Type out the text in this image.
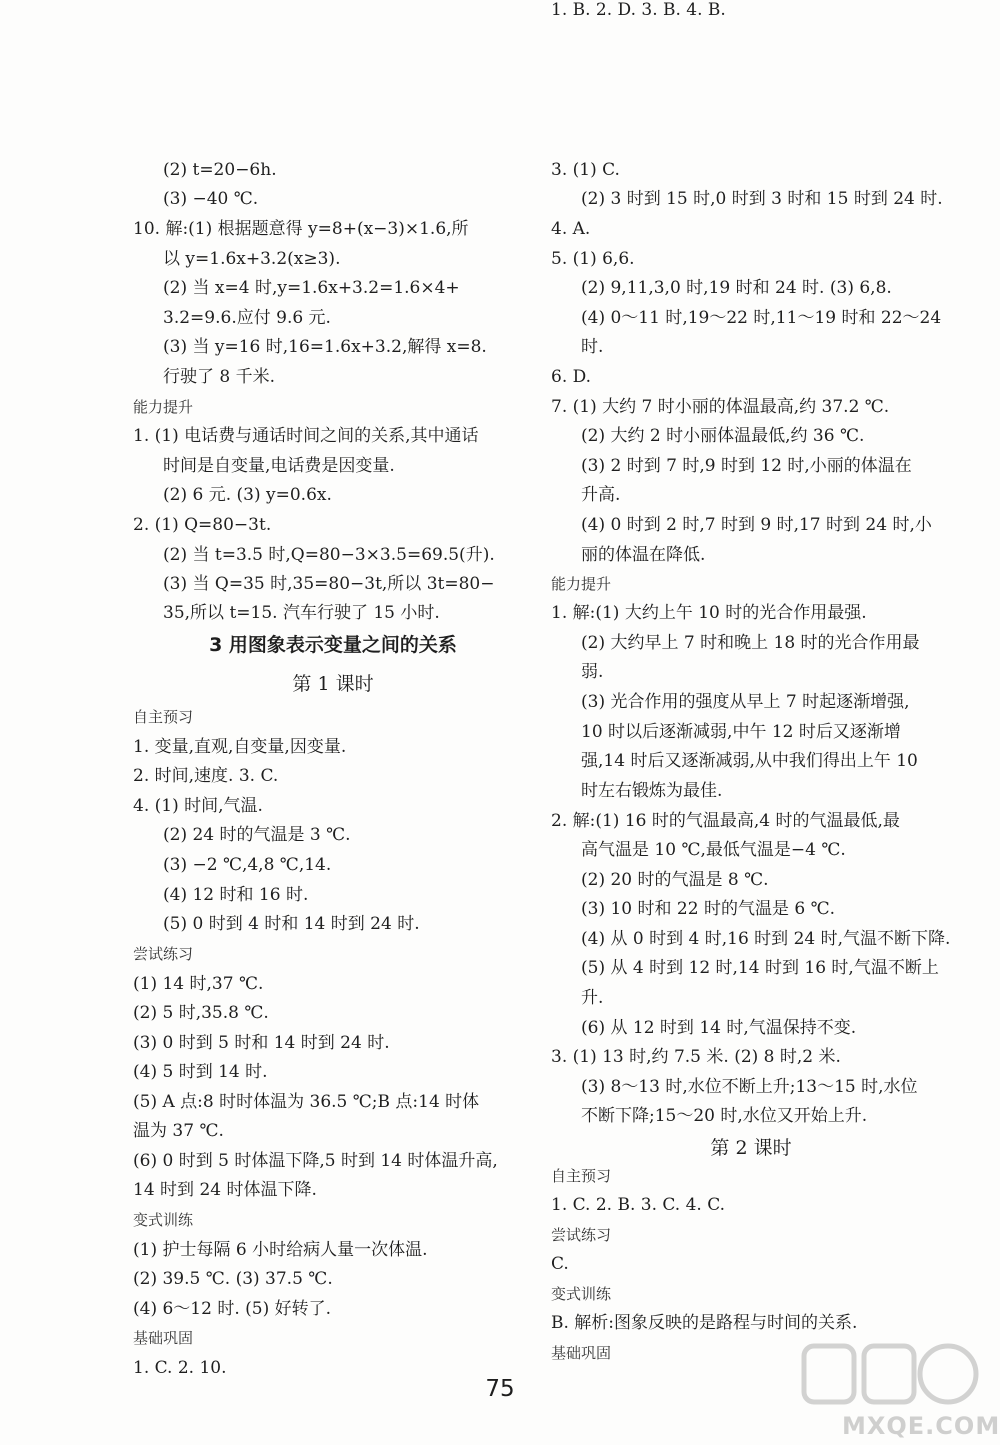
(2) t=20−6h.
(3) −40 ℃.
10. 解:(1) 根据题意得 y=8+(x−3)×1.6,所
以 y=1.6x+3.2(x≥3).
(2) 当 x=4 时,y=1.6x+3.2=1.6×4+
3.2=9.6.应付 9.6 元.
(3) 当 y=16 时,16=1.6x+3.2,解得 x=8.
行驶了 8 千米.
能力提升
1. (1) 电话费与通话时间之间的关系,其中通话
时间是自变量,电话费是因变量.
(2) 6 元. (3) y=0.6x.
2. (1) Q=80−3t.
(2) 当 t=3.5 时,Q=80−3×3.5=69.5(升).
(3) 当 Q=35 时,35=80−3t,所以 3t=80−
35,所以 t=15. 汽车行驶了 15 小时.
3 用图象表示变量之间的关系
第 1 课时
自主预习
1. 变量,直观,自变量,因变量.
2. 时间,速度. 3. C.
4. (1) 时间,气温.
(2) 24 时的气温是 3 ℃.
(3) −2 ℃,4,8 ℃,14.
(4) 12 时和 16 时.
(5) 0 时到 4 时和 14 时到 24 时.
尝试练习
(1) 14 时,37 ℃.
(2) 5 时,35.8 ℃.
(3) 0 时到 5 时和 14 时到 24 时.
(4) 5 时到 14 时.
(5) A 点:8 时时体温为 36.5 ℃;B 点:14 时体
温为 37 ℃.
(6) 0 时到 5 时体温下降,5 时到 14 时体温升高,
14 时到 24 时体温下降.
变式训练
(1) 护士每隔 6 小时给病人量一次体温.
(2) 39.5 ℃. (3) 37.5 ℃.
(4) 6～12 时. (5) 好转了.
基础巩固
1. C. 2. 10.
3. (1) C.
(2) 3 时到 15 时,0 时到 3 时和 15 时到 24 时.
4. A.
5. (1) 6,6.
(2) 9,11,3,0 时,19 时和 24 时. (3) 6,8.
(4) 0～11 时,19～22 时,11～19 时和 22～24
时.
6. D.
7. (1) 大约 7 时小丽的体温最高,约 37.2 ℃.
(2) 大约 2 时小丽体温最低,约 36 ℃.
(3) 2 时到 7 时,9 时到 12 时,小丽的体温在
升高.
(4) 0 时到 2 时,7 时到 9 时,17 时到 24 时,小
丽的体温在降低.
能力提升
1. 解:(1) 大约上午 10 时的光合作用最强.
(2) 大约早上 7 时和晚上 18 时的光合作用最
弱.
(3) 光合作用的强度从早上 7 时起逐渐增强,
10 时以后逐渐减弱,中午 12 时后又逐渐增
强,14 时后又逐渐减弱,从中我们得出上午 10
时左右锻炼为最佳.
2. 解:(1) 16 时的气温最高,4 时的气温最低,最
高气温是 10 ℃,最低气温是−4 ℃.
(2) 20 时的气温是 8 ℃.
(3) 10 时和 22 时的气温是 6 ℃.
(4) 从 0 时到 4 时,16 时到 24 时,气温不断下降.
(5) 从 4 时到 12 时,14 时到 16 时,气温不断上
升.
(6) 从 12 时到 14 时,气温保持不变.
3. (1) 13 时,约 7.5 米. (2) 8 时,2 米.
(3) 8～13 时,水位不断上升;13～15 时,水位
不断下降;15～20 时,水位又开始上升.
第 2 课时
自主预习
1. C. 2. B. 3. C. 4. C.
尝试练习
C.
变式训练
B. 解析:图象反映的是路程与时间的关系.
基础巩固
1. B. 2. D. 3. B. 4. B.
75
MXQE.COM
